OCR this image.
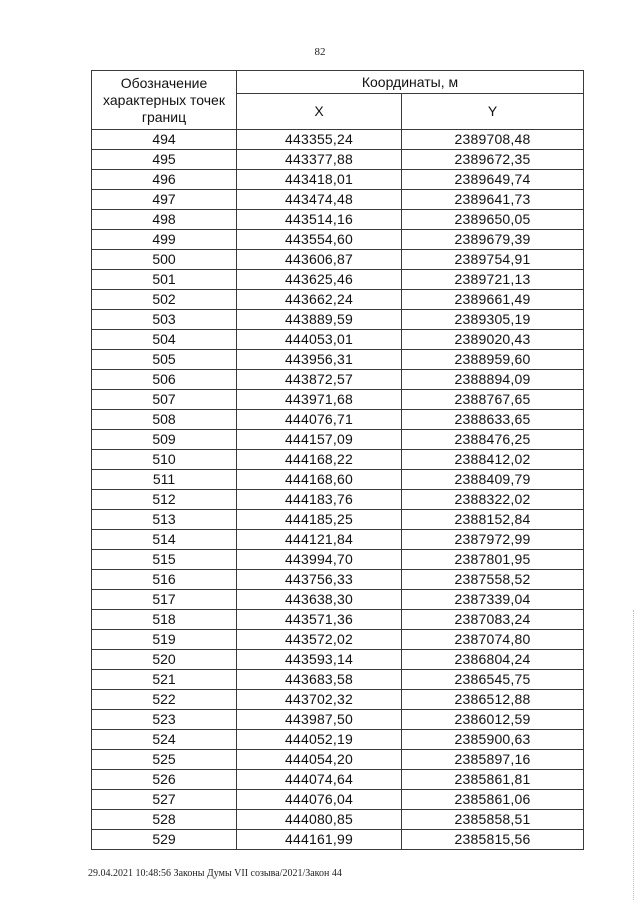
82
Обозначение характерных точек границ	Координаты, м	
	X	Y
494	443355,24	2389708,48
495	443377,88	2389672,35
496	443418,01	2389649,74
497	443474,48	2389641,73
498	443514,16	2389650,05
499	443554,60	2389679,39
500	443606,87	2389754,91
501	443625,46	2389721,13
502	443662,24	2389661,49
503	443889,59	2389305,19
504	444053,01	2389020,43
505	443956,31	2388959,60
506	443872,57	2388894,09
507	443971,68	2388767,65
508	444076,71	2388633,65
509	444157,09	2388476,25
510	444168,22	2388412,02
511	444168,60	2388409,79
512	444183,76	2388322,02
513	444185,25	2388152,84
514	444121,84	2387972,99
515	443994,70	2387801,95
516	443756,33	2387558,52
517	443638,30	2387339,04
518	443571,36	2387083,24
519	443572,02	2387074,80
520	443593,14	2386804,24
521	443683,58	2386545,75
522	443702,32	2386512,88
523	443987,50	2386012,59
524	444052,19	2385900,63
525	444054,20	2385897,16
526	444074,64	2385861,81
527	444076,04	2385861,06
528	444080,85	2385858,51
529	444161,99	2385815,56
29.04.2021 10:48:56 Законы Думы VII созыва/2021/Закон 44
